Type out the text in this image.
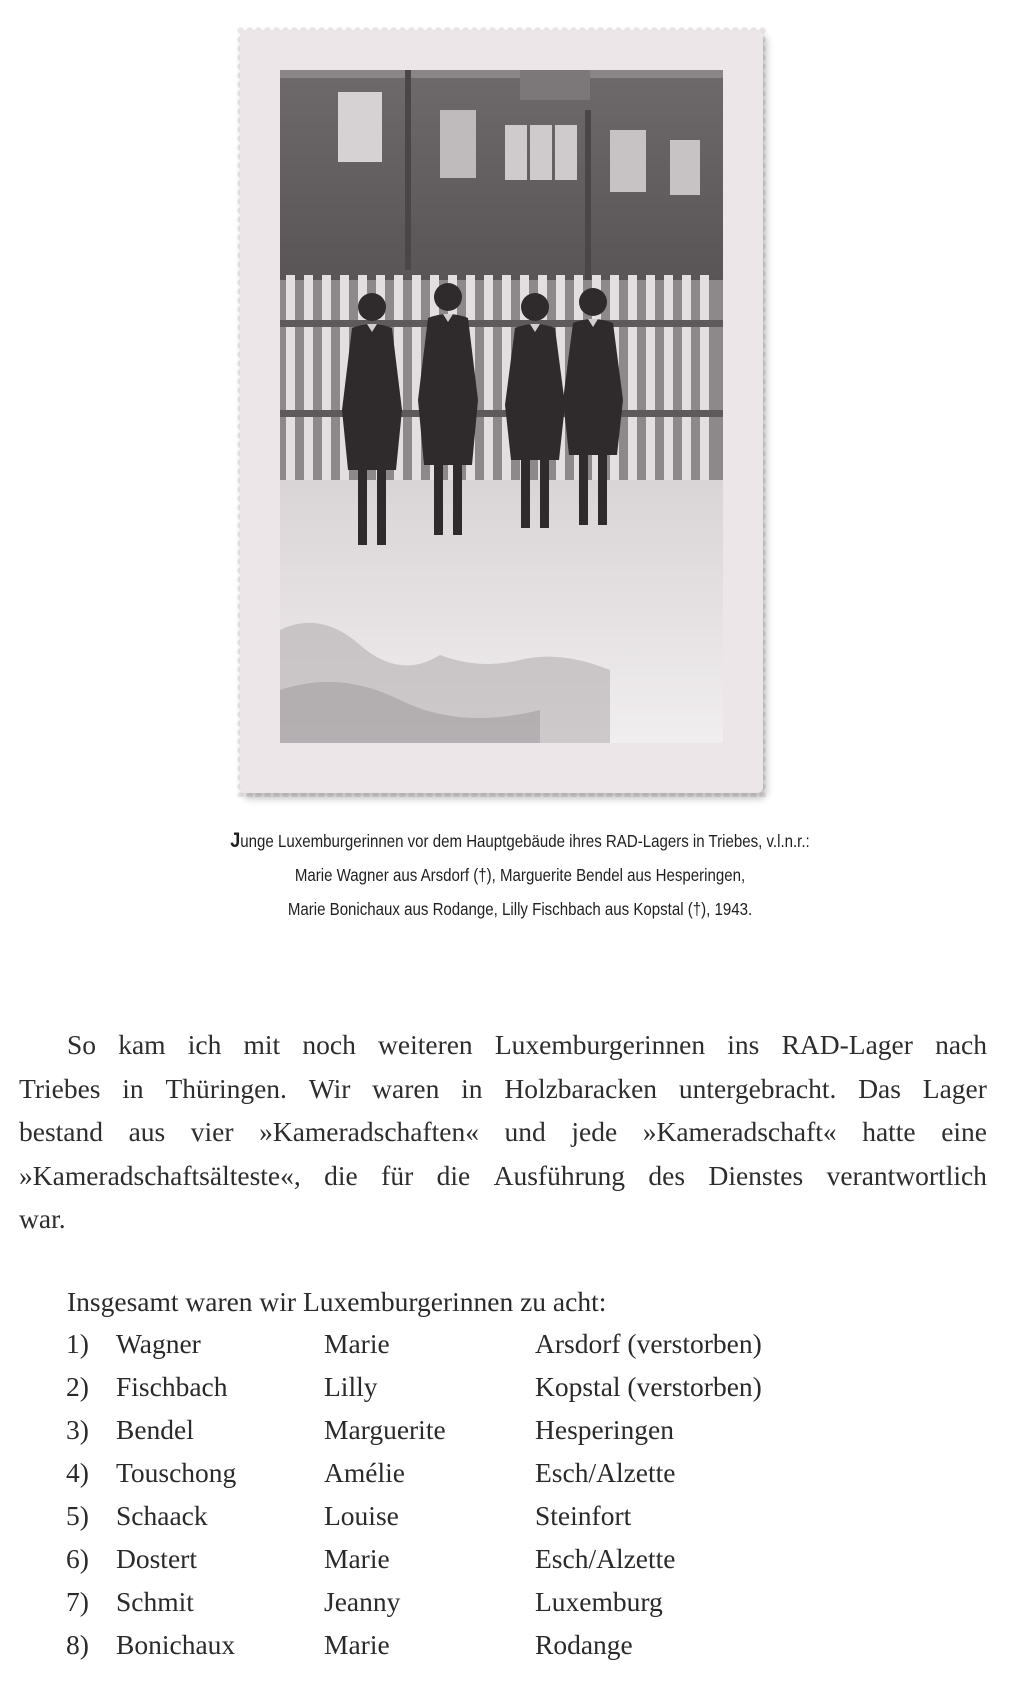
Junge Luxemburgerinnen vor dem Hauptgebäude ihres RAD-Lagers in Triebes, v.l.n.r.:
Marie Wagner aus Arsdorf (†), Marguerite Bendel aus Hesperingen,
Marie Bonichaux aus Rodange, Lilly Fischbach aus Kopstal (†), 1943.
So kam ich mit noch weiteren Luxemburgerinnen ins RAD-Lager nach
Triebes in Thüringen. Wir waren in Holzbaracken untergebracht. Das Lager
bestand aus vier »Kameradschaften« und jede »Kameradschaft« hatte eine
»Kameradschaftsälteste«, die für die Ausführung des Dienstes verantwortlich
war.
Insgesamt waren wir Luxemburgerinnen zu acht:
1) Wagner	Marie	Arsdorf (verstorben)
2) Fischbach	Lilly	Kopstal (verstorben)
3) Bendel	Marguerite	Hesperingen
4) Touschong	Amélie	Esch/Alzette
5) Schaack	Louise	Steinfort
6) Dostert	Marie	Esch/Alzette
7) Schmit	Jeanny	Luxemburg
8) Bonichaux	Marie	Rodange
